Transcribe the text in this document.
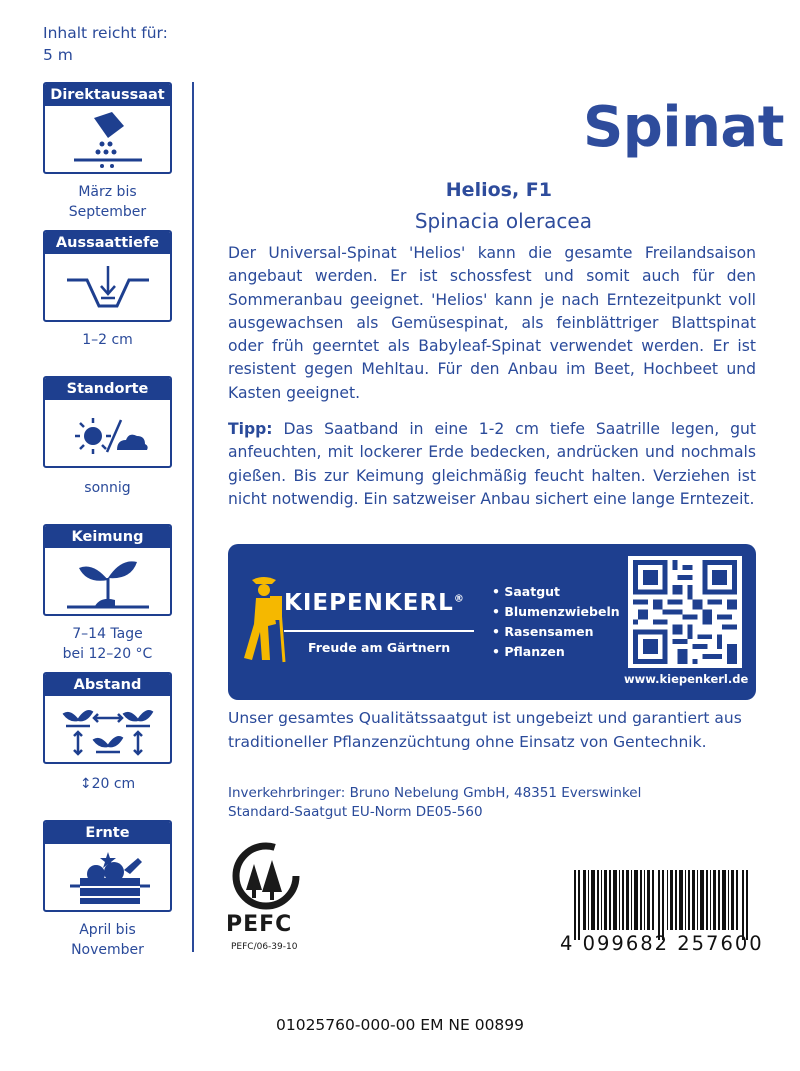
Inhalt reicht für:
5 m
Direktaussaat
März bis
September
Aussaattiefe
1–2 cm
Standorte
sonnig
Keimung
7–14 Tage
bei 12–20 °C
Abstand
↕20 cm
Ernte
April bis
November
Spinat
Helios, F1
Spinacia oleracea
Der Universal-Spinat 'Helios' kann die gesamte Freilandsaison angebaut werden. Er ist schossfest und somit auch für den Sommeranbau geeignet. 'Helios' kann je nach Erntezeitpunkt voll ausgewachsen als Gemüsespinat, als feinblättriger Blattspinat oder früh geerntet als Babyleaf-Spinat verwendet werden. Er ist resistent gegen Mehltau. Für den Anbau im Beet, Hochbeet und Kasten geeignet.
Tipp: Das Saatband in eine 1-2 cm tiefe Saatrille legen, gut anfeuchten, mit lockerer Erde bedecken, andrücken und nochmals gießen. Bis zur Keimung gleichmäßig feucht halten. Verziehen ist nicht notwendig. Ein satzweiser Anbau sichert eine lange Erntezeit.
KIEPENKERL®
Freude am Gärtnern
• Saatgut
• Blumenzwiebeln
• Rasensamen
• Pflanzen
www.kiepenkerl.de
Unser gesamtes Qualitätssaatgut ist ungebeizt und garantiert aus traditioneller Pflanzenzüchtung ohne Einsatz von Gentechnik.
Inverkehrbringer: Bruno Nebelung GmbH, 48351 Everswinkel
Standard-Saatgut EU-Norm DE05-560
PEFC
PEFC/06-39-10	4 099682 257600
01025760-000-00 EM NE 00899
